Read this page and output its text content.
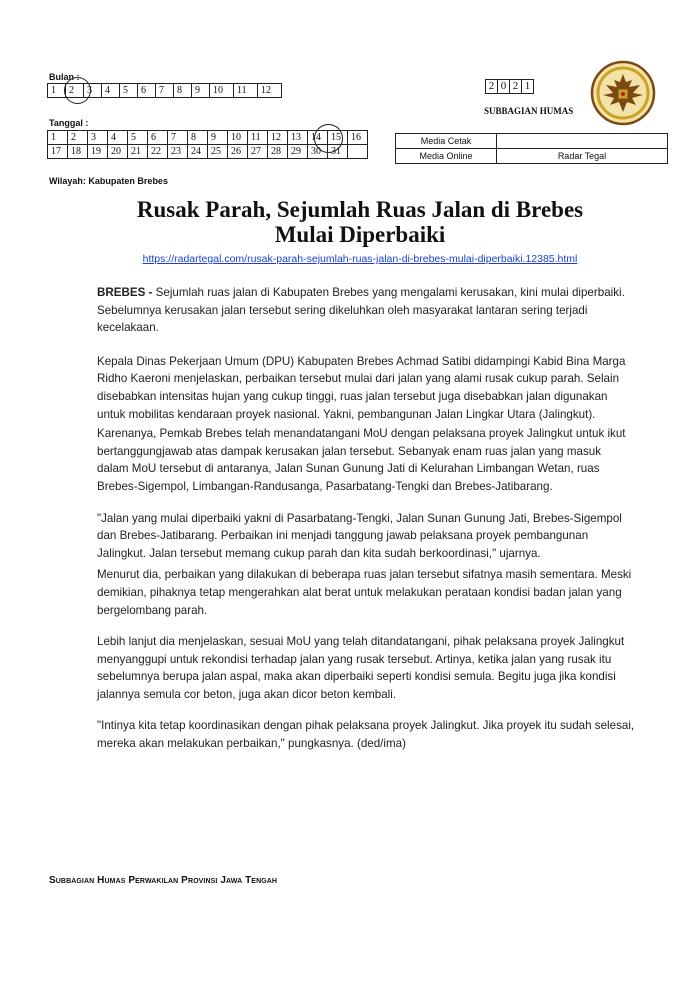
Bulan :
1	2	3	4	5	6	7	8	9	10	11	12
Tanggal :
1	2	3	4	5	6	7	8	9	10	11	12	13	14	15	16
17	18	19	20	21	22	23	24	25	26	27	28	29	30	31	
2	0	2	1
SUBBAGIAN HUMAS
Media Cetak	
Media Online	Radar Tegal
Wilayah: Kabupaten Brebes
Rusak Parah, Sejumlah Ruas Jalan di Brebes
Mulai Diperbaiki
https://radartegal.com/rusak-parah-sejumlah-ruas-jalan-di-brebes-mulai-diperbaiki.12385.html

BREBES - Sejumlah ruas jalan di Kabupaten Brebes yang mengalami kerusakan, kini mulai diperbaiki. Sebelumnya kerusakan jalan tersebut sering dikeluhkan oleh masyarakat lantaran sering terjadi kecelakaan.

Kepala Dinas Pekerjaan Umum (DPU) Kabupaten Brebes Achmad Satibi didampingi Kabid Bina Marga Ridho Kaeroni menjelaskan, perbaikan tersebut mulai dari jalan yang alami rusak cukup parah. Selain disebabkan intensitas hujan yang cukup tinggi, ruas jalan tersebut juga disebabkan jalan digunakan untuk mobilitas kendaraan proyek nasional. Yakni, pembangunan Jalan Lingkar Utara (Jalingkut).

Karenanya, Pemkab Brebes telah menandatangani MoU dengan pelaksana proyek Jalingkut untuk ikut bertanggungjawab atas dampak kerusakan jalan tersebut. Sebanyak enam ruas jalan yang masuk dalam MoU tersebut di antaranya, Jalan Sunan Gunung Jati di Kelurahan Limbangan Wetan, ruas Brebes-Sigempol, Limbangan-Randusanga, Pasarbatang-Tengki dan Brebes-Jatibarang.

"Jalan yang mulai diperbaiki yakni di Pasarbatang-Tengki, Jalan Sunan Gunung Jati, Brebes-Sigempol dan Brebes-Jatibarang. Perbaikan ini menjadi tanggung jawab pelaksana proyek pembangunan Jalingkut. Jalan tersebut memang cukup parah dan kita sudah berkoordinasi," ujarnya.

Menurut dia, perbaikan yang dilakukan di beberapa ruas jalan tersebut sifatnya masih sementara. Meski demikian, pihaknya tetap mengerahkan alat berat untuk melakukan perataan kondisi badan jalan yang bergelombang parah.

Lebih lanjut dia menjelaskan, sesuai MoU yang telah ditandatangani, pihak pelaksana proyek Jalingkut menyanggupi untuk rekondisi terhadap jalan yang rusak tersebut. Artinya, ketika jalan yang rusak itu sebelumnya berupa jalan aspal, maka akan diperbaiki seperti kondisi semula. Begitu juga jika kondisi jalannya semula cor beton, juga akan dicor beton kembali.

"Intinya kita tetap koordinasikan dengan pihak pelaksana proyek Jalingkut. Jika proyek itu sudah selesai, mereka akan melakukan perbaikan," pungkasnya. (ded/ima)

Subbagian Humas Perwakilan Provinsi Jawa Tengah
